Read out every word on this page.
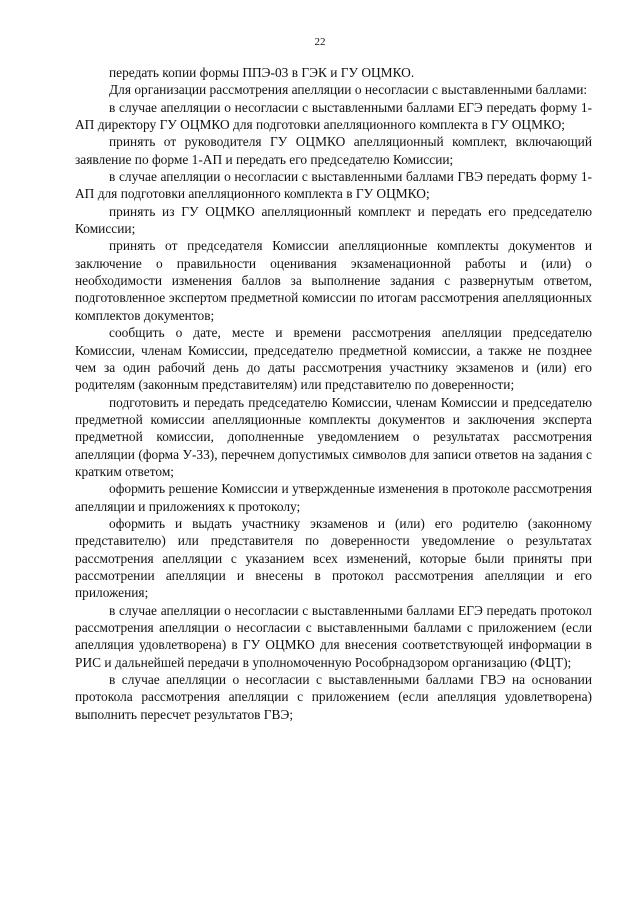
22

передать копии формы ППЭ-03 в ГЭК и ГУ ОЦМКО.

Для организации рассмотрения апелляции о несогласии с выставленными баллами:

в случае апелляции о несогласии с выставленными баллами ЕГЭ передать форму 1-АП директору ГУ ОЦМКО для подготовки апелляционного комплекта в ГУ ОЦМКО;

принять от руководителя ГУ ОЦМКО апелляционный комплект, включающий заявление по форме 1-АП и передать его председателю Комиссии;

в случае апелляции о несогласии с выставленными баллами ГВЭ передать форму 1-АП для подготовки апелляционного комплекта в ГУ ОЦМКО;

принять из ГУ ОЦМКО апелляционный комплект и передать его председателю Комиссии;

принять от председателя Комиссии апелляционные комплекты документов и заключение о правильности оценивания экзаменационной работы и (или) о необходимости изменения баллов за выполнение задания с развернутым ответом, подготовленное экспертом предметной комиссии по итогам рассмотрения апелляционных комплектов документов;

сообщить о дате, месте и времени рассмотрения апелляции председателю Комиссии, членам Комиссии, председателю предметной комиссии, а также не позднее чем за один рабочий день до даты рассмотрения участнику экзаменов и (или) его родителям (законным представителям) или представителю по доверенности;

подготовить и передать председателю Комиссии, членам Комиссии и председателю предметной комиссии апелляционные комплекты документов и заключения эксперта предметной комиссии, дополненные уведомлением о результатах рассмотрения апелляции (форма У-33), перечнем допустимых символов для записи ответов на задания с кратким ответом;

оформить решение Комиссии и утвержденные изменения в протоколе рассмотрения апелляции и приложениях к протоколу;

оформить и выдать участнику экзаменов и (или) его родителю (законному представителю) или представителя по доверенности уведомление о результатах рассмотрения апелляции с указанием всех изменений, которые были приняты при рассмотрении апелляции и внесены в протокол рассмотрения апелляции и его приложения;

в случае апелляции о несогласии с выставленными баллами ЕГЭ передать протокол рассмотрения апелляции о несогласии с выставленными баллами с приложением (если апелляция удовлетворена) в ГУ ОЦМКО для внесения соответствующей информации в РИС и дальнейшей передачи в уполномоченную Рособрнадзором организацию (ФЦТ);

в случае апелляции о несогласии с выставленными баллами ГВЭ на основании протокола рассмотрения апелляции с приложением (если апелляция удовлетворена) выполнить пересчет результатов ГВЭ;
